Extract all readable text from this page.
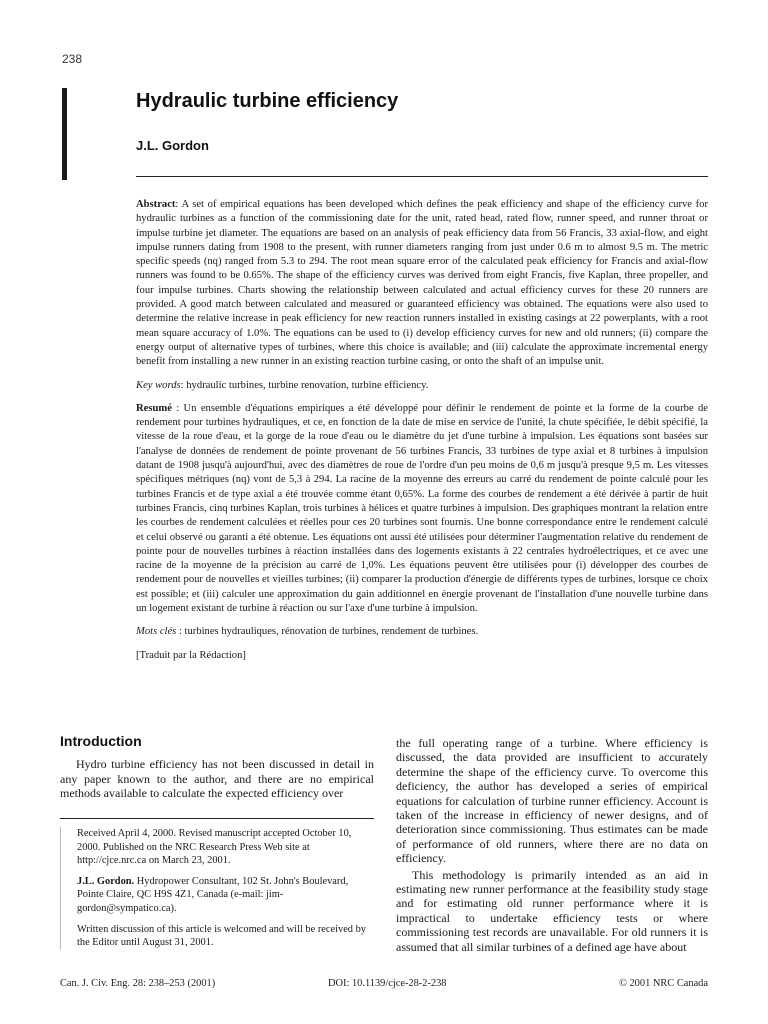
238
Hydraulic turbine efficiency
J.L. Gordon

Abstract: A set of empirical equations has been developed which defines the peak efficiency and shape of the efficiency curve for hydraulic turbines as a function of the commissioning date for the unit, rated head, rated flow, runner speed, and runner throat or impulse turbine jet diameter. The equations are based on an analysis of peak efficiency data from 56 Francis, 33 axial-flow, and eight impulse runners dating from 1908 to the present, with runner diameters ranging from just under 0.6 m to almost 9.5 m. The metric specific speeds (nq) ranged from 5.3 to 294. The root mean square error of the calculated peak efficiency for Francis and axial-flow runners was found to be 0.65%. The shape of the efficiency curves was derived from eight Francis, five Kaplan, three propeller, and four impulse turbines. Charts showing the relationship between calculated and actual efficiency curves for these 20 runners are provided. A good match between calculated and measured or guaranteed efficiency was obtained. The equations were also used to determine the relative increase in peak efficiency for new reaction runners installed in existing casings at 22 powerplants, with a root mean square accuracy of 1.0%. The equations can be used to (i) develop efficiency curves for new and old runners; (ii) compare the energy output of alternative types of turbines, where this choice is available; and (iii) calculate the approximate incremental energy benefit from installing a new runner in an existing reaction turbine casing, or onto the shaft of an impulse unit.

Key words: hydraulic turbines, turbine renovation, turbine efficiency.

Resumé : Un ensemble d'équations empiriques a été développé pour définir le rendement de pointe et la forme de la courbe de rendement pour turbines hydrauliques, et ce, en fonction de la date de mise en service de l'unité, la chute spécifiée, le débit spécifié, la vitesse de la roue d'eau, et la gorge de la roue d'eau ou le diamètre du jet d'une turbine à impulsion. Les équations sont basées sur l'analyse de données de rendement de pointe provenant de 56 turbines Francis, 33 turbines de type axial et 8 turbines à impulsion datant de 1908 jusqu'à aujourd'hui, avec des diamètres de roue de l'ordre d'un peu moins de 0,6 m jusqu'à presque 9,5 m. Les vitesses spécifiques métriques (nq) vont de 5,3 à 294. La racine de la moyenne des erreurs au carré du rendement de pointe calculé pour les turbines Francis et de type axial a été trouvée comme étant 0,65%. La forme des courbes de rendement a été dérivée à partir de huit turbines Francis, cinq turbines Kaplan, trois turbines à hélices et quatre turbines à impulsion. Des graphiques montrant la relation entre les courbes de rendement calculées et réelles pour ces 20 turbines sont fournis. Une bonne correspondance entre le rendement calculé et celui observé ou garanti a été obtenue. Les équations ont aussi été utilisées pour déterminer l'augmentation relative du rendement de pointe pour de nouvelles turbines à réaction installées dans des logements existants à 22 centrales hydroélectriques, et ce avec une racine de la moyenne de la précision au carré de 1,0%. Les équations peuvent être utilisées pour (i) développer des courbes de rendement pour de nouvelles et vieilles turbines; (ii) comparer la production d'énergie de différents types de turbines, lorsque ce choix est possible; et (iii) calculer une approximation du gain additionnel en énergie provenant de l'installation d'une nouvelle turbine dans un logement existant de turbine à réaction ou sur l'axe d'une turbine à impulsion.

Mots clés : turbines hydrauliques, rénovation de turbines, rendement de turbines.

[Traduit par la Rédaction]

Introduction

Hydro turbine efficiency has not been discussed in detail in any paper known to the author, and there are no empirical methods available to calculate the expected efficiency over

Received April 4, 2000. Revised manuscript accepted October 10, 2000. Published on the NRC Research Press Web site at http://cjce.nrc.ca on March 23, 2001.

J.L. Gordon. Hydropower Consultant, 102 St. John's Boulevard, Pointe Claire, QC H9S 4Z1, Canada (e-mail: jim-gordon@sympatico.ca).

Written discussion of this article is welcomed and will be received by the Editor until August 31, 2001.

the full operating range of a turbine. Where efficiency is discussed, the data provided are insufficient to accurately determine the shape of the efficiency curve. To overcome this deficiency, the author has developed a series of empirical equations for calculation of turbine runner efficiency. Account is taken of the increase in efficiency of newer designs, and of deterioration since commissioning. Thus estimates can be made of performance of old runners, where there are no data on efficiency.

This methodology is primarily intended as an aid in estimating new runner performance at the feasibility study stage and for estimating old runner performance where it is impractical to undertake efficiency tests or where commissioning test records are unavailable. For old runners it is assumed that all similar turbines of a defined age have about

Can. J. Civ. Eng. 28: 238–253 (2001)	DOI: 10.1139/cjce-28-2-238	© 2001 NRC Canada
